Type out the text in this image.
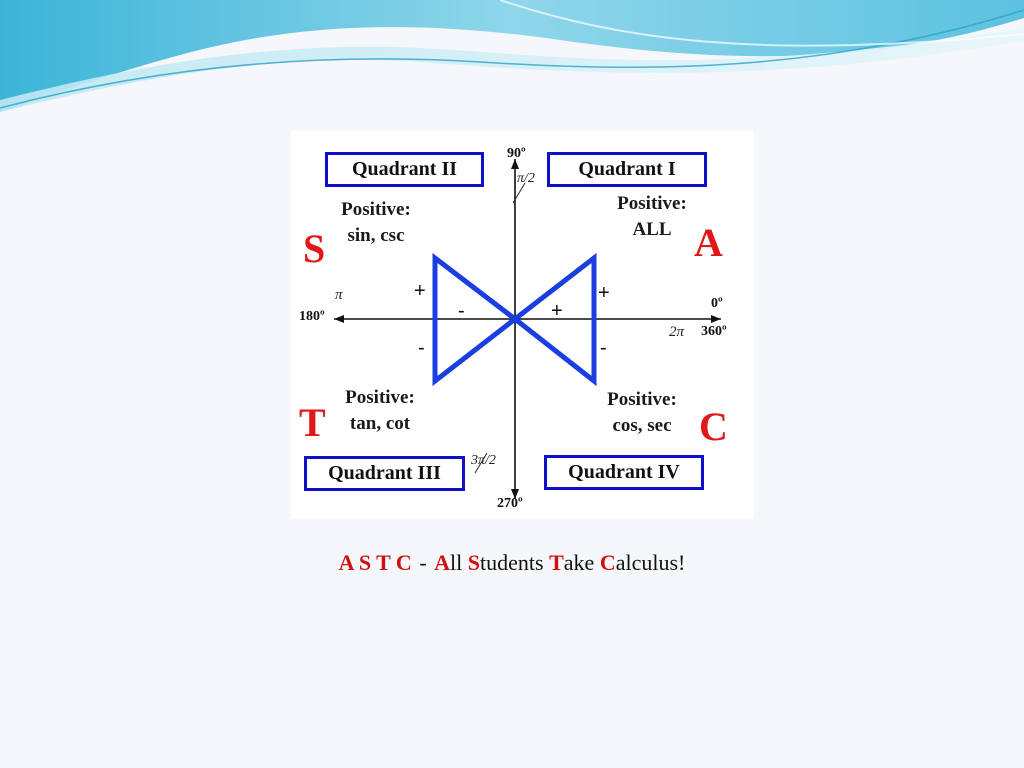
Quadrant II	Quadrant I
Quadrant III	Quadrant IV
Positive:
sin, csc
Positive:
ALL
Positive:
tan, cot
Positive:
cos, sec
S	A
T	C
90º
π/2
π
180º
0º
2π 360º
3π/2
270º
+
-
-
+
+
-
A S T C - All Students Take Calculus!
